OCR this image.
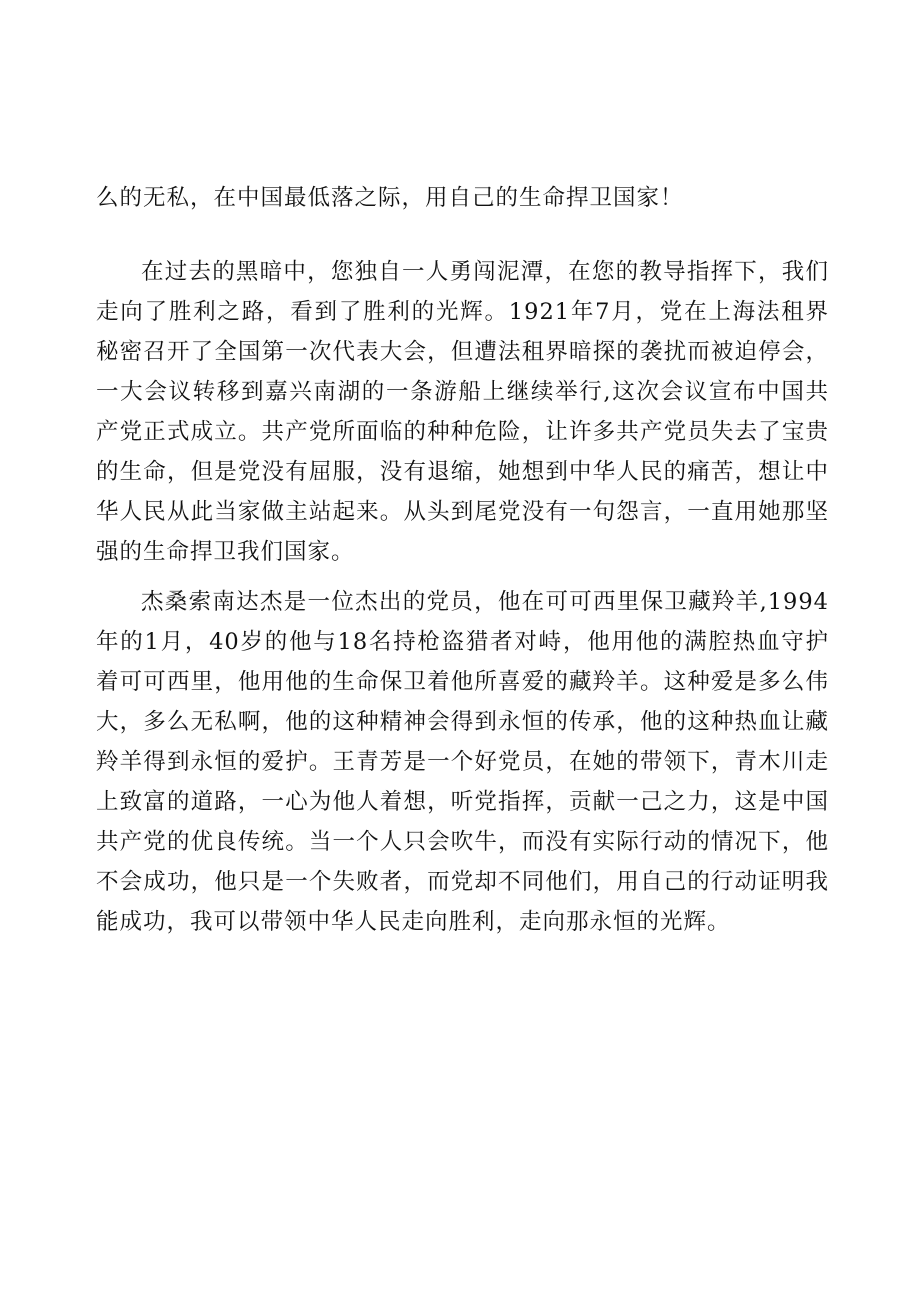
么的无私，在中国最低落之际，用自己的生命捍卫国家！

在过去的黑暗中，您独自一人勇闯泥潭，在您的教导指挥下，我们走向了胜利之路，看到了胜利的光辉。1921年7月，党在上海法租界秘密召开了全国第一次代表大会，但遭法租界暗探的袭扰而被迫停会，一大会议转移到嘉兴南湖的一条游船上继续举行,这次会议宣布中国共产党正式成立。共产党所面临的种种危险，让许多共产党员失去了宝贵的生命，但是党没有屈服，没有退缩，她想到中华人民的痛苦，想让中华人民从此当家做主站起来。从头到尾党没有一句怨言，一直用她那坚强的生命捍卫我们国家。

杰桑索南达杰是一位杰出的党员，他在可可西里保卫藏羚羊,1994年的1月，40岁的他与18名持枪盗猎者对峙，他用他的满腔热血守护着可可西里，他用他的生命保卫着他所喜爱的藏羚羊。这种爱是多么伟大，多么无私啊，他的这种精神会得到永恒的传承，他的这种热血让藏羚羊得到永恒的爱护。王青芳是一个好党员，在她的带领下，青木川走上致富的道路，一心为他人着想，听党指挥，贡献一己之力，这是中国共产党的优良传统。当一个人只会吹牛，而没有实际行动的情况下，他不会成功，他只是一个失败者，而党却不同他们，用自己的行动证明我能成功，我可以带领中华人民走向胜利，走向那永恒的光辉。
